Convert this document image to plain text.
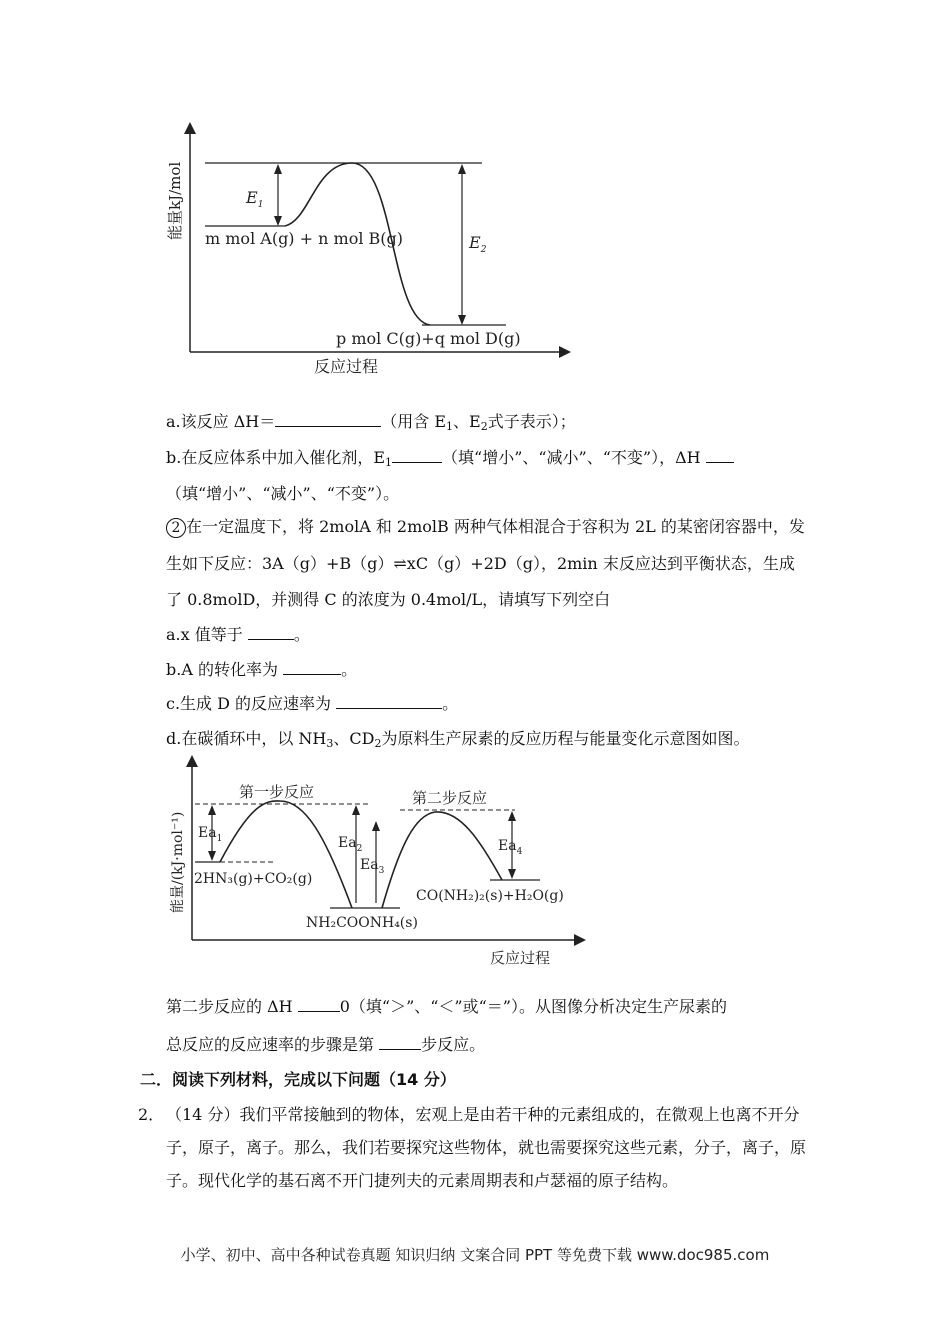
$E_1$
$E_2$
m mol A(g) + n mol B(g)
p mol C(g)+q mol D(g)
能量kJ/mol
反应过程
a.该反应 ΔH＝	（用含 $E_1$、$E_2$式子表示）；
b.在反应体系中加入催化剂，$E_1$	（填“增小”、“减小”、“不变”），ΔH
（填“增小”、“减小”、“不变”）。
2 在一定温度下，将 2molA 和 2molB 两种气体相混合于容积为 2L 的某密闭容器中，发
生如下反应：3A（g）+B（g）⇌xC（g）+2D（g），2min 末反应达到平衡状态，生成
了 0.8molD，并测得 C 的浓度为 0.4mol/L，请填写下列空白
a.x 值等于	。
b.A 的转化率为	。
c.生成 D 的反应速率为	。
d.在碳循环中，以 $NH_3$、$CD_2$为原料生产尿素的反应历程与能量变化示意图如图。
$Ea_1$	$Ea_2$
$Ea_3$
$Ea_4$
第一步反应	第二步反应
2HN₃(g)+CO₂(g)
NH₂COONH₄(s)
CO(NH₂)₂(s)+H₂O(g)
能量/(kJ·mol⁻¹)
反应过程
第二步反应的 ΔH	0（填“＞”、“＜”或“＝”）。从图像分析决定生产尿素的
总反应的反应速率的步骤是第	步反应。
二．阅读下列材料，完成以下问题（14 分）
2． （14 分）我们平常接触到的物体，宏观上是由若干种的元素组成的，在微观上也离不开分子，原子，离子。那么，我们若要探究这些物体，就也需要探究这些元素，分子，离子，原子。现代化学的基石离不开门捷列夫的元素周期表和卢瑟福的原子结构。
小学、初中、高中各种试卷真题 知识归纳 文案合同 PPT 等免费下载 www.doc985.com
